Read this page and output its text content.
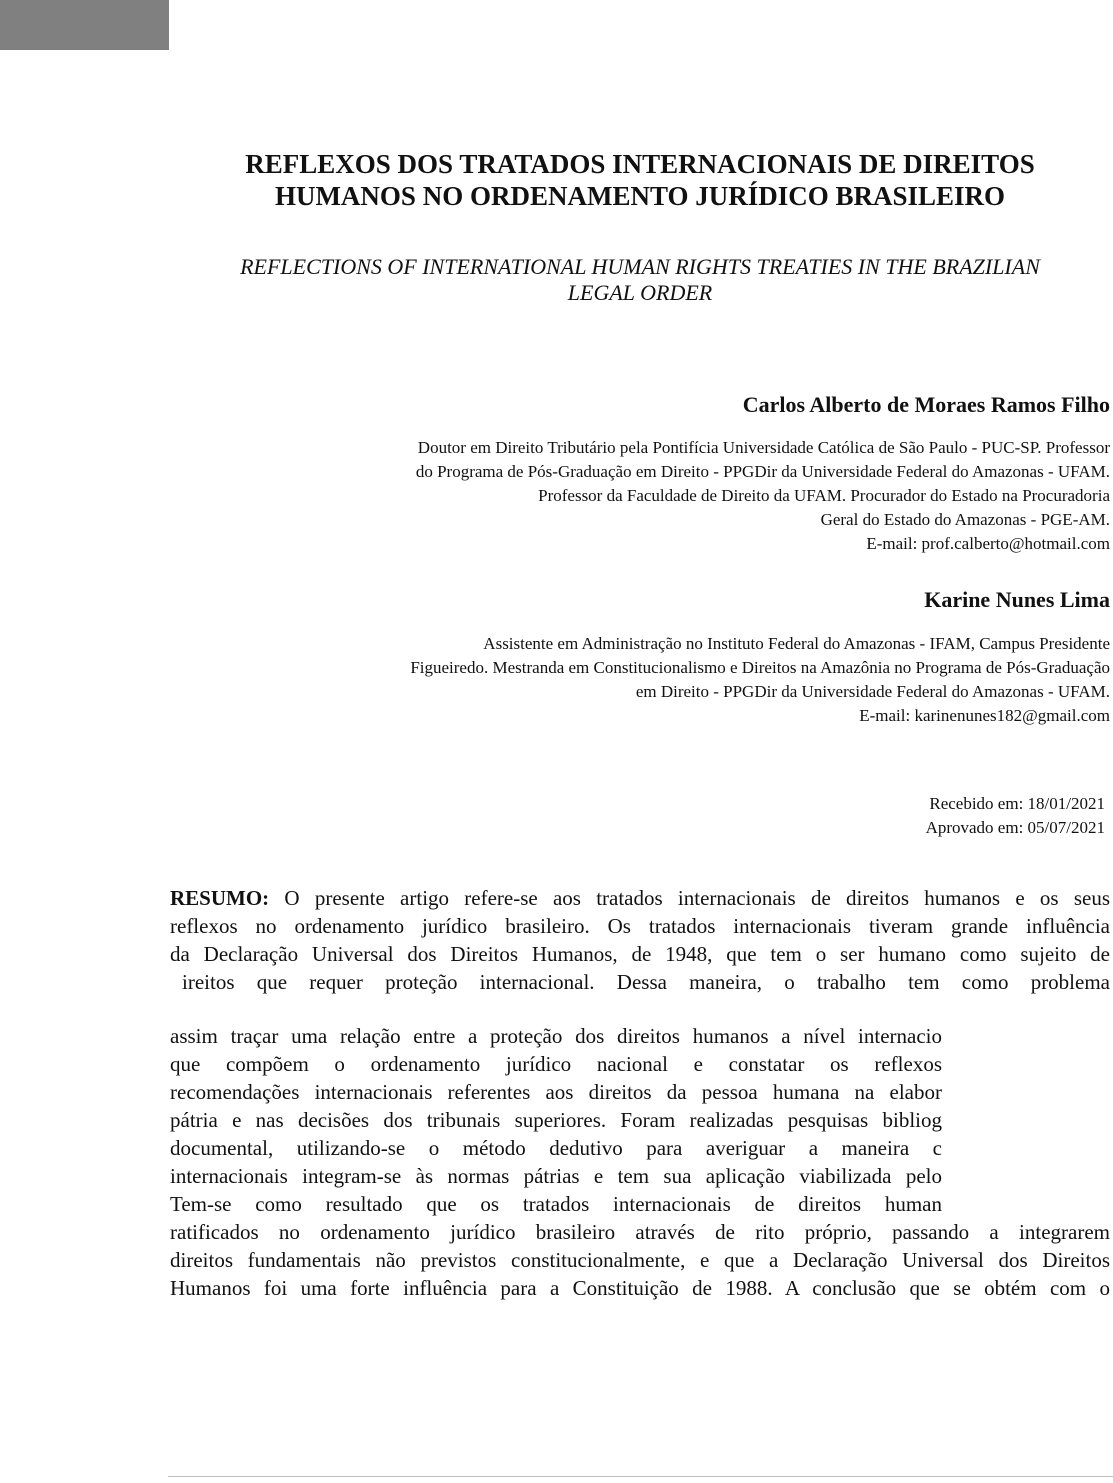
REFLEXOS DOS TRATADOS INTERNACIONAIS DE DIREITOS
HUMANOS NO ORDENAMENTO JURÍDICO BRASILEIRO

REFLECTIONS OF INTERNATIONAL HUMAN RIGHTS TREATIES IN THE BRAZILIAN
LEGAL ORDER

Carlos Alberto de Moraes Ramos Filho

Doutor em Direito Tributário pela Pontifícia Universidade Católica de São Paulo - PUC-SP. Professor
do Programa de Pós-Graduação em Direito - PPGDir da Universidade Federal do Amazonas - UFAM.
Professor da Faculdade de Direito da UFAM. Procurador do Estado na Procuradoria
Geral do Estado do Amazonas - PGE-AM.
E-mail: prof.calberto@hotmail.com

Karine Nunes Lima

Assistente em Administração no Instituto Federal do Amazonas - IFAM, Campus Presidente
Figueiredo. Mestranda em Constitucionalismo e Direitos na Amazônia no Programa de Pós-Graduação
em Direito - PPGDir da Universidade Federal do Amazonas - UFAM.
E-mail: karinenunes182@gmail.com
Recebido em: 18/01/2021
Aprovado em: 05/07/2021
RESUMO: O presente artigo refere-se aos tratados internacionais de direitos humanos e os seus
reflexos no ordenamento jurídico brasileiro. Os tratados internacionais tiveram grande influência
da Declaração Universal dos Direitos Humanos, de 1948, que tem o ser humano como sujeito de
ireitos que requer proteção internacional. Dessa maneira, o trabalho tem como problema
assim traçar uma relação entre a proteção dos direitos humanos a nível internacio
que compõem o ordenamento jurídico nacional e constatar os reflexos
recomendações internacionais referentes aos direitos da pessoa humana na elabor
pátria e nas decisões dos tribunais superiores. Foram realizadas pesquisas bibliog
documental, utilizando-se o método dedutivo para averiguar a maneira c
internacionais integram-se às normas pátrias e tem sua aplicação viabilizada pelo
Tem-se como resultado que os tratados internacionais de direitos human
ratificados no ordenamento jurídico brasileiro através de rito próprio, passando a integrarem
direitos fundamentais não previstos constitucionalmente, e que a Declaração Universal dos Direitos
Humanos foi uma forte influência para a Constituição de 1988. A conclusão que se obtém com o
